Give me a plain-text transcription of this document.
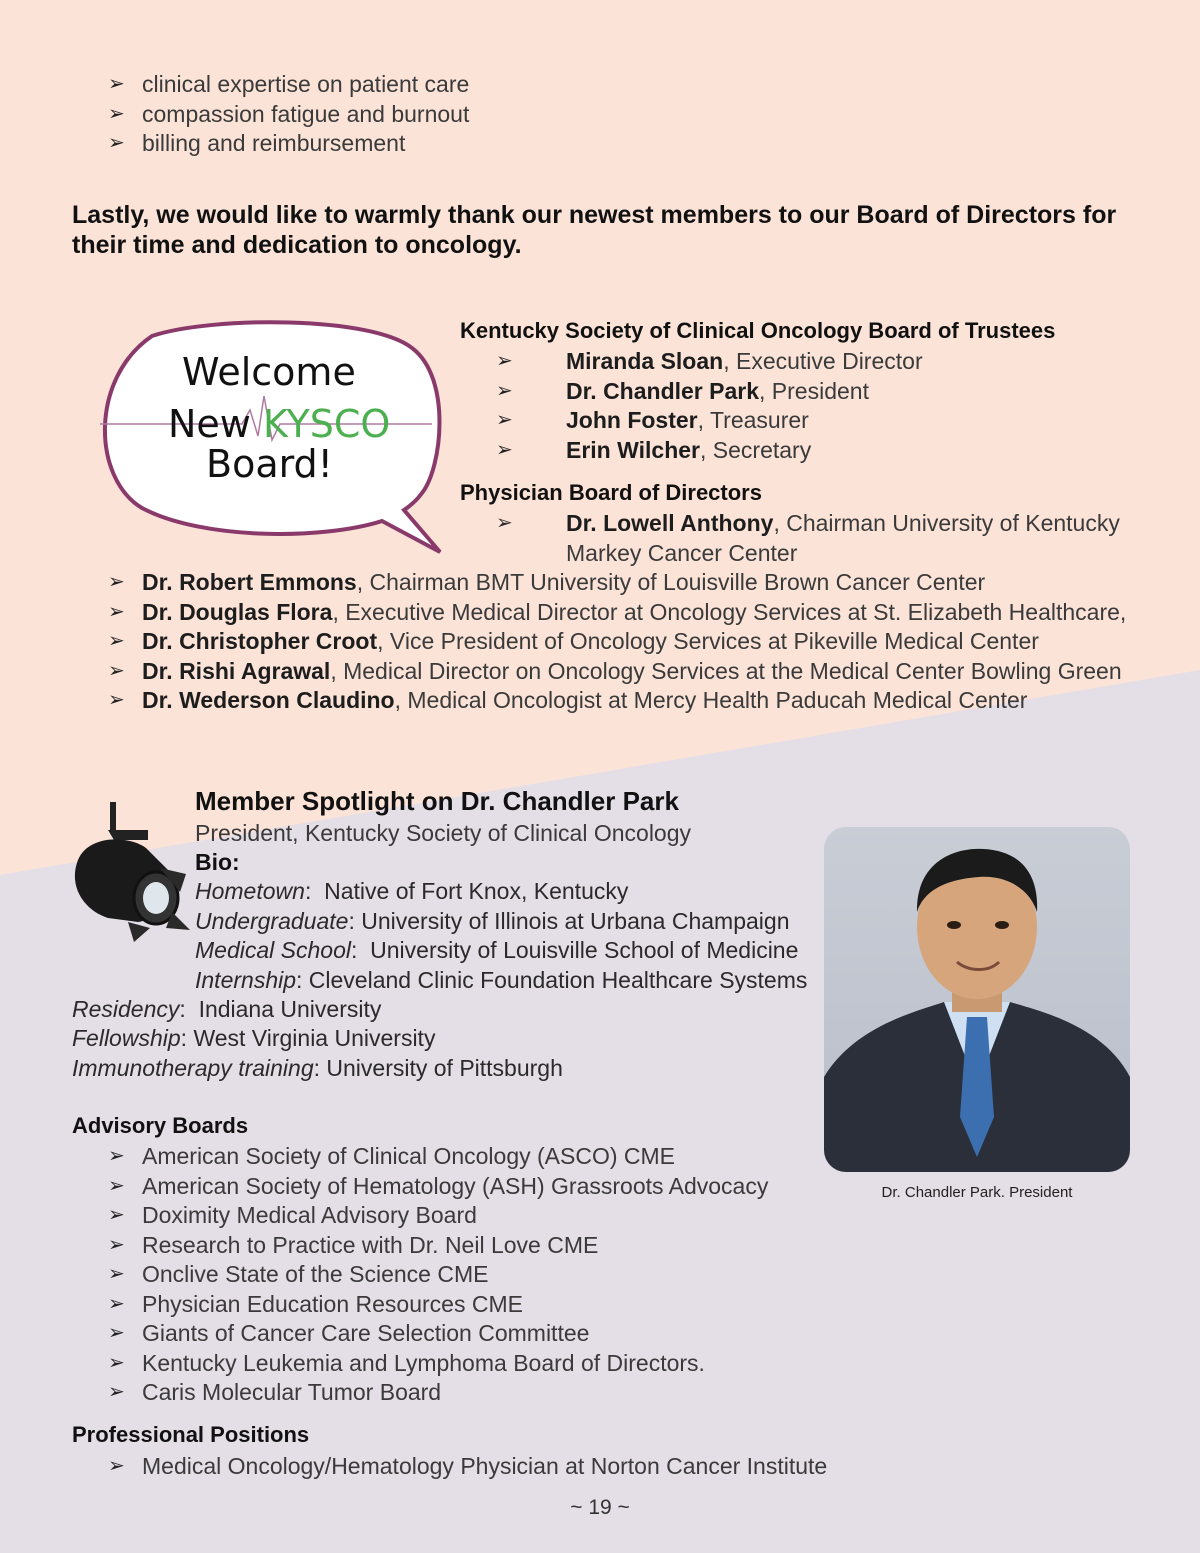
➢ clinical expertise on patient care
➢ compassion fatigue and burnout
➢ billing and reimbursement
Lastly, we would like to warmly thank our newest members to our Board of Directors for their time and dedication to oncology.
Welcome
New KYSCO
Board!
Kentucky Society of Clinical Oncology Board of Trustees
➢ Miranda Sloan, Executive Director
➢ Dr. Chandler Park, President
➢ John Foster, Treasurer
➢ Erin Wilcher, Secretary
Physician Board of Directors
➢	Dr. Lowell Anthony, Chairman University of Kentucky
Markey Cancer Center
➢ Dr. Robert Emmons, Chairman BMT University of Louisville Brown Cancer Center
➢ Dr. Douglas Flora, Executive Medical Director at Oncology Services at St. Elizabeth Healthcare,
➢ Dr. Christopher Croot, Vice President of Oncology Services at Pikeville Medical Center
➢ Dr. Rishi Agrawal, Medical Director on Oncology Services at the Medical Center Bowling Green
➢ Dr. Wederson Claudino, Medical Oncologist at Mercy Health Paducah Medical Center
Member Spotlight on Dr. Chandler Park
President, Kentucky Society of Clinical Oncology
Bio:
Hometown:  Native of Fort Knox, Kentucky
Undergraduate: University of Illinois at Urbana Champaign
Medical School:  University of Louisville School of Medicine
Internship: Cleveland Clinic Foundation Healthcare Systems
Residency:  Indiana University
Fellowship: West Virginia University
Immunotherapy training: University of Pittsburgh
Dr. Chandler Park. President
Advisory Boards
➢ American Society of Clinical Oncology (ASCO) CME
➢ American Society of Hematology (ASH) Grassroots Advocacy
➢ Doximity Medical Advisory Board
➢ Research to Practice with Dr. Neil Love CME
➢ Onclive State of the Science CME
➢ Physician Education Resources CME
➢ Giants of Cancer Care Selection Committee
➢ Kentucky Leukemia and Lymphoma Board of Directors.
➢ Caris Molecular Tumor Board
Professional Positions
➢ Medical Oncology/Hematology Physician at Norton Cancer Institute
~ 19 ~
